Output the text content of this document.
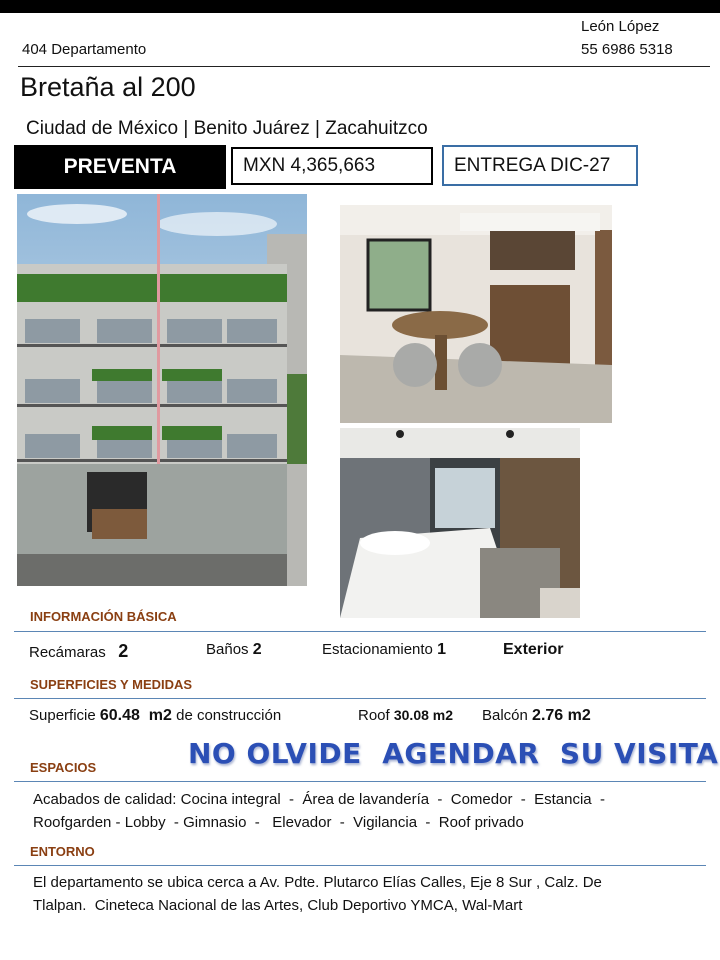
404 Departamento
León López
55 6986 5318
Bretaña al 200
Ciudad de México | Benito Juárez | Zacahuitzco
PREVENTA	MXN 4,365,663	ENTREGA DIC-27
INFORMACIÓN BÁSICA
Recámaras 2	Baños 2	Estacionamiento 1	Exterior
SUPERFICIES Y MEDIDAS
Superficie 60.48  m2 de construcción	Roof 30.08 m2 Balcón 2.76 m2
NO OLVIDE  AGENDAR  SU VISITA
ESPACIOS
Acabados de calidad: Cocina integral  -  Área de lavandería  -  Comedor  -  Estancia  -
Roofgarden - Lobby  - Gimnasio  -   Elevador  -  Vigilancia  -  Roof privado
ENTORNO
El departamento se ubica cerca a Av. Pdte. Plutarco Elías Calles, Eje 8 Sur , Calz. De
Tlalpan.  Cineteca Nacional de las Artes, Club Deportivo YMCA, Wal-Mart
